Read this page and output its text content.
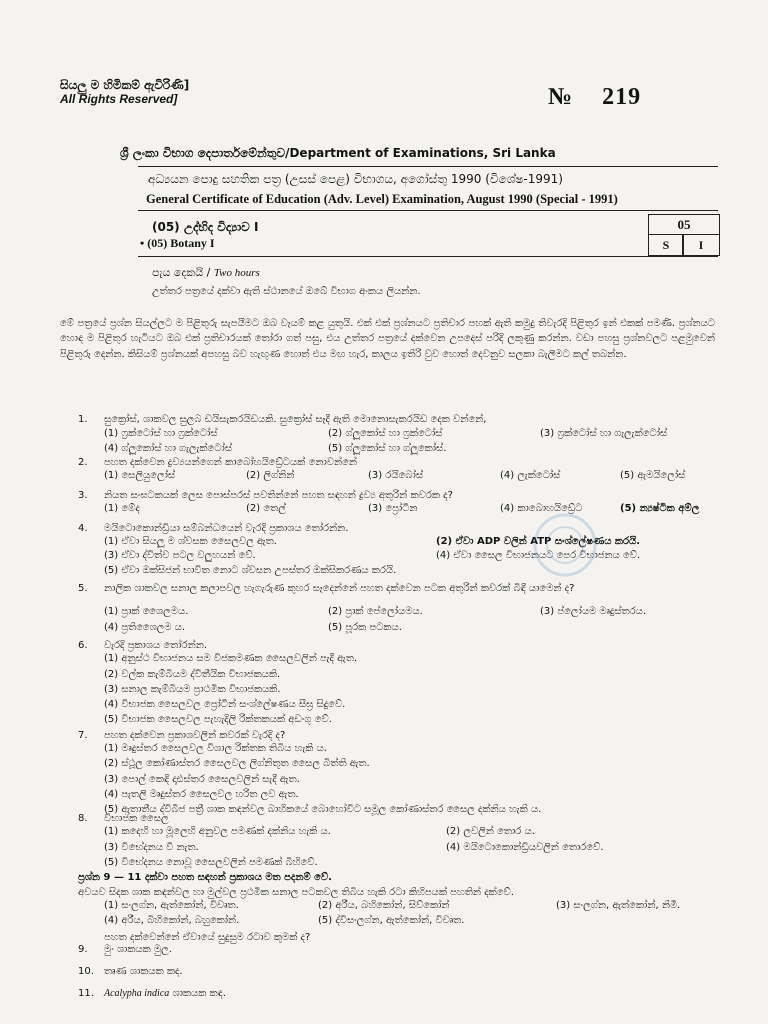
සියලු ම හිමිකම් ඇවිරිණි]
All Rights Reserved]	№ 219
ශ්‍රී ලංකා විභාග දෙපාර්තමේන්තුව/Department of Examinations, Sri Lanka
අධ්‍යයන පොදු සහතික පත්‍ර (උසස් පෙළ) විභාගය, අගෝස්තු 1990 (විශේෂ-1991)
General Certificate of Education (Adv. Level) Examination, August 1990 (Special - 1991)
(05) උද්භිද විද්‍යාව I
• (05) Botany I
05
S	I
පැය දෙකයි / Two hours
උත්තර පත්‍රයේ දක්වා ඇති ස්ථානයේ ඔබේ විභාග අංකය ලියන්න.
මේ පත්‍රයේ ප්‍රශ්න සියල්ලට ම පිළිතුරු සැපයීමට ඔබ වෑයම් කළ යුතුයි. එක් එක් ප්‍රශ්නයට ප්‍රතිචාර පහක් ඇති කමුදු තිවැරදි පිළිතුර ඉන් එකක් පමණි. ප්‍රශ්නයට හොඳ ම පිළිතුර හැටියට ඔබ එක් ප්‍රතිචාරයක් තෝරා ගත් පසු, එය උත්තර පත්‍රයේ දක්වෙන උපදෙස් පරිදි ලකුණු කරන්න. වඩා පහසු ප්‍රශ්නවලට පළමුවෙන් පිළිතුරු දෙන්න. කිසියම් ප්‍රශ්නයක් අපහසු බව හැඟුණ හොත් එය මඟ හැර, කාලය ඉතිරි වුව හොත් දෙවනුව සලකා බැලීමට කල් තබන්න.
1. සුක්‍රෝස්, ශාකවල සුලබ ඩයිසැකරයිඩයකි. සුක්‍රෝස් සෑදී ඇති මොනොසැකරයිඩ දෙක වන්නේ,
(1) ෆ්‍රක්ටෝස් හා ෆ්‍රක්ටෝස්	(2) ග්ලූකෝස් හා ෆ්‍රක්ටෝස්	(3) ෆ්‍රක්ටෝස් හා ගැලැක්ටෝස්
(4) ග්ලූකෝස් හා ගැලැක්ටෝස්	(5) ග්ලූකෝස් හා ග්ලූකෝස්.
2. පහත දක්වෙන ද්‍රව්‍යයන්ගෙන් කාබෝහයිඩ්‍රේටයක් නොවන්නේ
(1) සෙලියුලෝස්	(2) ලිග්නින්	(3) රයිබෝස්	(4) ලැක්ටෝස්	(5) ඇමයිලෝස්
3. නියත සංඝටකයක් ලෙස පොස්පරස් පවතින්නේ පහත සඳහන් ද්‍රව්‍ය අතුරින් කවරක ද?
(1) මේද	(2) තෙල්	(3) ප්‍රෝටීන	(4) කාබොහයිඩ්‍රේට	(5) න්‍යෂ්ටික අම්ල
4. මයිටොකොන්ඩ්‍රියා සම්බන්ධයෙන් වැරදි ප්‍රකාශය තෝරන්න.
(1) ඒවා සියලූ ම ශ්වසක සෛලවල ඇත.	(2) ඒවා ADP වලින් ATP සංශ්ලේෂණය කරයි.
(3) ඒවා ද්විත්ව පටල වලුහයන් වේ.	(4) ඒවා සෛල විභාජනයට පෙර විභාජනය වේ.
(5) ඒවා ඔක්සිජන් භාවිත නොට ශ්වසන උපස්තර ඔක්සිකරණය කරයි.
5. නාලික ශාකවල සනාල කලාපවල හැගැරුණ කුහර සෑදෙන්නේ පහත දක්වෙන පටක අතුරින් කවරක් බිඳී යාමෙන් ද?
(1) ප්‍රාක් ශෛලමය.	(2) ප්‍රාක් පේලෝයමය.	(3) ප්ලෝයම මෘදුස්තරය.
(4) ප්‍රතිශෛලම ය.	(5) පූරක පටකය.
6. වැරදි ප්‍රකාශය තෝරන්න.
(1) අනුස්ථ විභාජනය සම විජකමණක සෛලවලින් පැදී ඇත.
(2) වල්ක කැම්බියම ද්විතීයික විභාජකයකි.
(3) සනාල කැම්බියම ප්‍රාථමික විභාජකයකි.
(4) විභාජක සෛලවල ප්‍රෝටීන් සංශ්ලේෂණය සීඝ්‍ර සිදුවේ.
(5) විභාජක සෛලවල පැහැදිලි රික්තකයක් අඩංගු වේ.
7. පහත දක්වෙන ප්‍රකාශවලින් කවරක් වැරදි ද?
(1) මෘදුස්තර සෛලවල විශාල රික්තක තිබිය හැකි ය.
(2) ස්ථූල කෝණාස්තර සෛලවල ලිග්නිතූත සෛල බිත්ති ඇත.
(3) පොල් කෙඳි දෘඪස්තර සෛලවලින් සැදී ඇත.
(4) පැතලි මෘදුස්තර සෛලවල හරිත ලව ඇත.
(5) ඇතාතීය ද්විබීජ පත්‍රී ශාක කඳන්වල බාහිකයේ බොහෝවිට සමූල කෝණාස්තර සෛල දක්නිය හැකි ය.
8. විභාජක සෛල
(1) කදෙහි හා මූලෙහි අනුවල පමණක් දක්නිය හැකි ය.	(2) ලවලින් තොර ය.
(3) විභේදනය වී නැත.	(4) මයිටොකොන්ඩ්‍රියවලින් තොරවේ.
(5) විභේදනය නොවූ සෛලවලින් පමණක් බිහිවේ.
ප්‍රශ්න 9 — 11 දක්වා පහත සඳහන් ප්‍රකාශය මත පදනම් වේ.
අවයව සිදක ශාක කඳන්වල හා මුල්වල ප්‍රථමික සනාල පටකවල තිබිය හැකි රටා කිහිපයක් පහතින් දක්වේ.
(1) සංලග්න, ඇත්කෝන්, විවෘත.	(2) අරීය, බහිකෝන්, සිව්කෝන්	(3) සංලග්න, ඇත්කෝන්, නිමී.
(4) අරීය, බිහිකෝන්, බහුකෝන්.	(5) ද්විසංලග්න, ඇත්කෝන්, විවෘත.
පහත දක්වෙන්නේ ඒවායේ සුදුසුම රටාව කුමක් ද?
9. මුං ශාකයක මුල.
10. තෘණ ශාකයක කද.
11. Acalypha indica ශාකයක කඳ.
